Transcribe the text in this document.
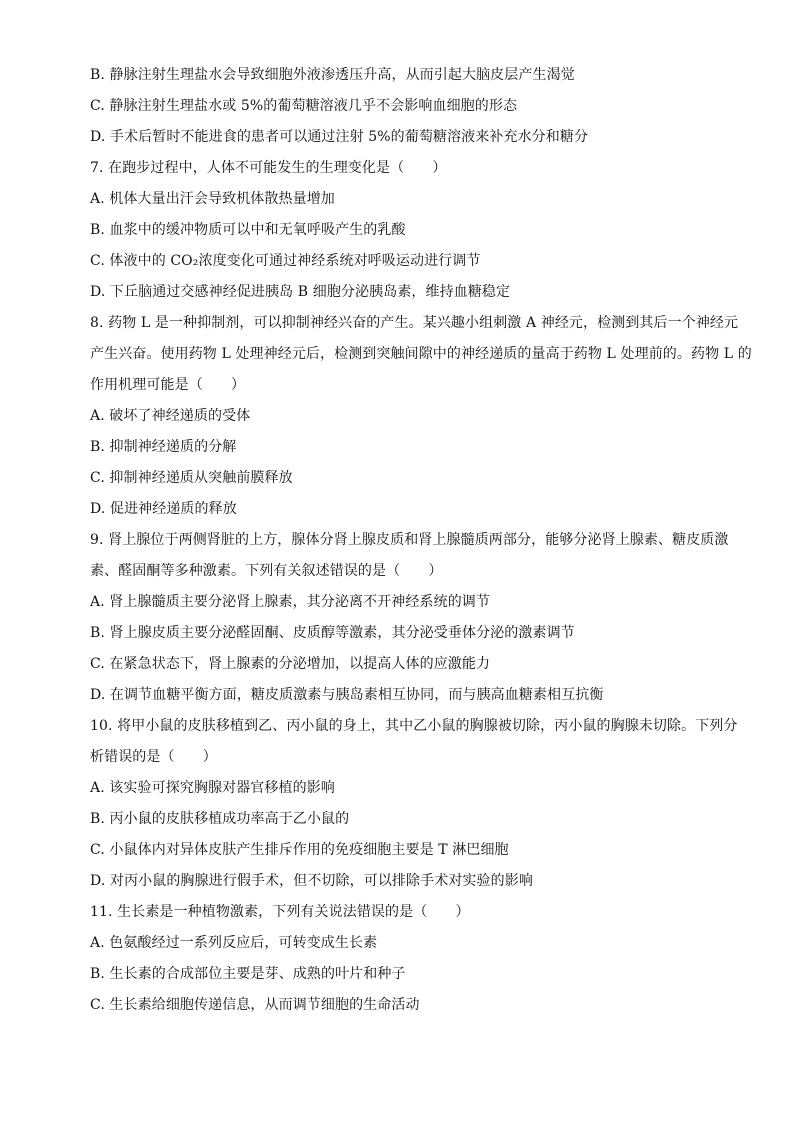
B. 静脉注射生理盐水会导致细胞外液渗透压升高，从而引起大脑皮层产生渴觉
C. 静脉注射生理盐水或 5%的葡萄糖溶液几乎不会影响血细胞的形态
D. 手术后暂时不能进食的患者可以通过注射 5%的葡萄糖溶液来补充水分和糖分
7. 在跑步过程中，人体不可能发生的生理变化是（　　）
A. 机体大量出汗会导致机体散热量增加
B. 血浆中的缓冲物质可以中和无氧呼吸产生的乳酸
C. 体液中的 CO₂浓度变化可通过神经系统对呼吸运动进行调节
D. 下丘脑通过交感神经促进胰岛 B 细胞分泌胰岛素，维持血糖稳定
8. 药物 L 是一种抑制剂，可以抑制神经兴奋的产生。某兴趣小组刺激 A 神经元，检测到其后一个神经元
产生兴奋。使用药物 L 处理神经元后，检测到突触间隙中的神经递质的量高于药物 L 处理前的。药物 L 的
作用机理可能是（　　）
A. 破坏了神经递质的受体
B. 抑制神经递质的分解
C. 抑制神经递质从突触前膜释放
D. 促进神经递质的释放
9. 肾上腺位于两侧肾脏的上方，腺体分肾上腺皮质和肾上腺髓质两部分，能够分泌肾上腺素、糖皮质激
素、醛固酮等多种激素。下列有关叙述错误的是（　　）
A. 肾上腺髓质主要分泌肾上腺素，其分泌离不开神经系统的调节
B. 肾上腺皮质主要分泌醛固酮、皮质醇等激素，其分泌受垂体分泌的激素调节
C. 在紧急状态下，肾上腺素的分泌增加，以提高人体的应激能力
D. 在调节血糖平衡方面，糖皮质激素与胰岛素相互协同，而与胰高血糖素相互抗衡
10. 将甲小鼠的皮肤移植到乙、丙小鼠的身上，其中乙小鼠的胸腺被切除，丙小鼠的胸腺未切除。下列分
析错误的是（　　）
A. 该实验可探究胸腺对器官移植的影响
B. 丙小鼠的皮肤移植成功率高于乙小鼠的
C. 小鼠体内对异体皮肤产生排斥作用的免疫细胞主要是 T 淋巴细胞
D. 对丙小鼠的胸腺进行假手术，但不切除，可以排除手术对实验的影响
11. 生长素是一种植物激素，下列有关说法错误的是（　　）
A. 色氨酸经过一系列反应后，可转变成生长素
B. 生长素的合成部位主要是芽、成熟的叶片和种子
C. 生长素给细胞传递信息，从而调节细胞的生命活动
